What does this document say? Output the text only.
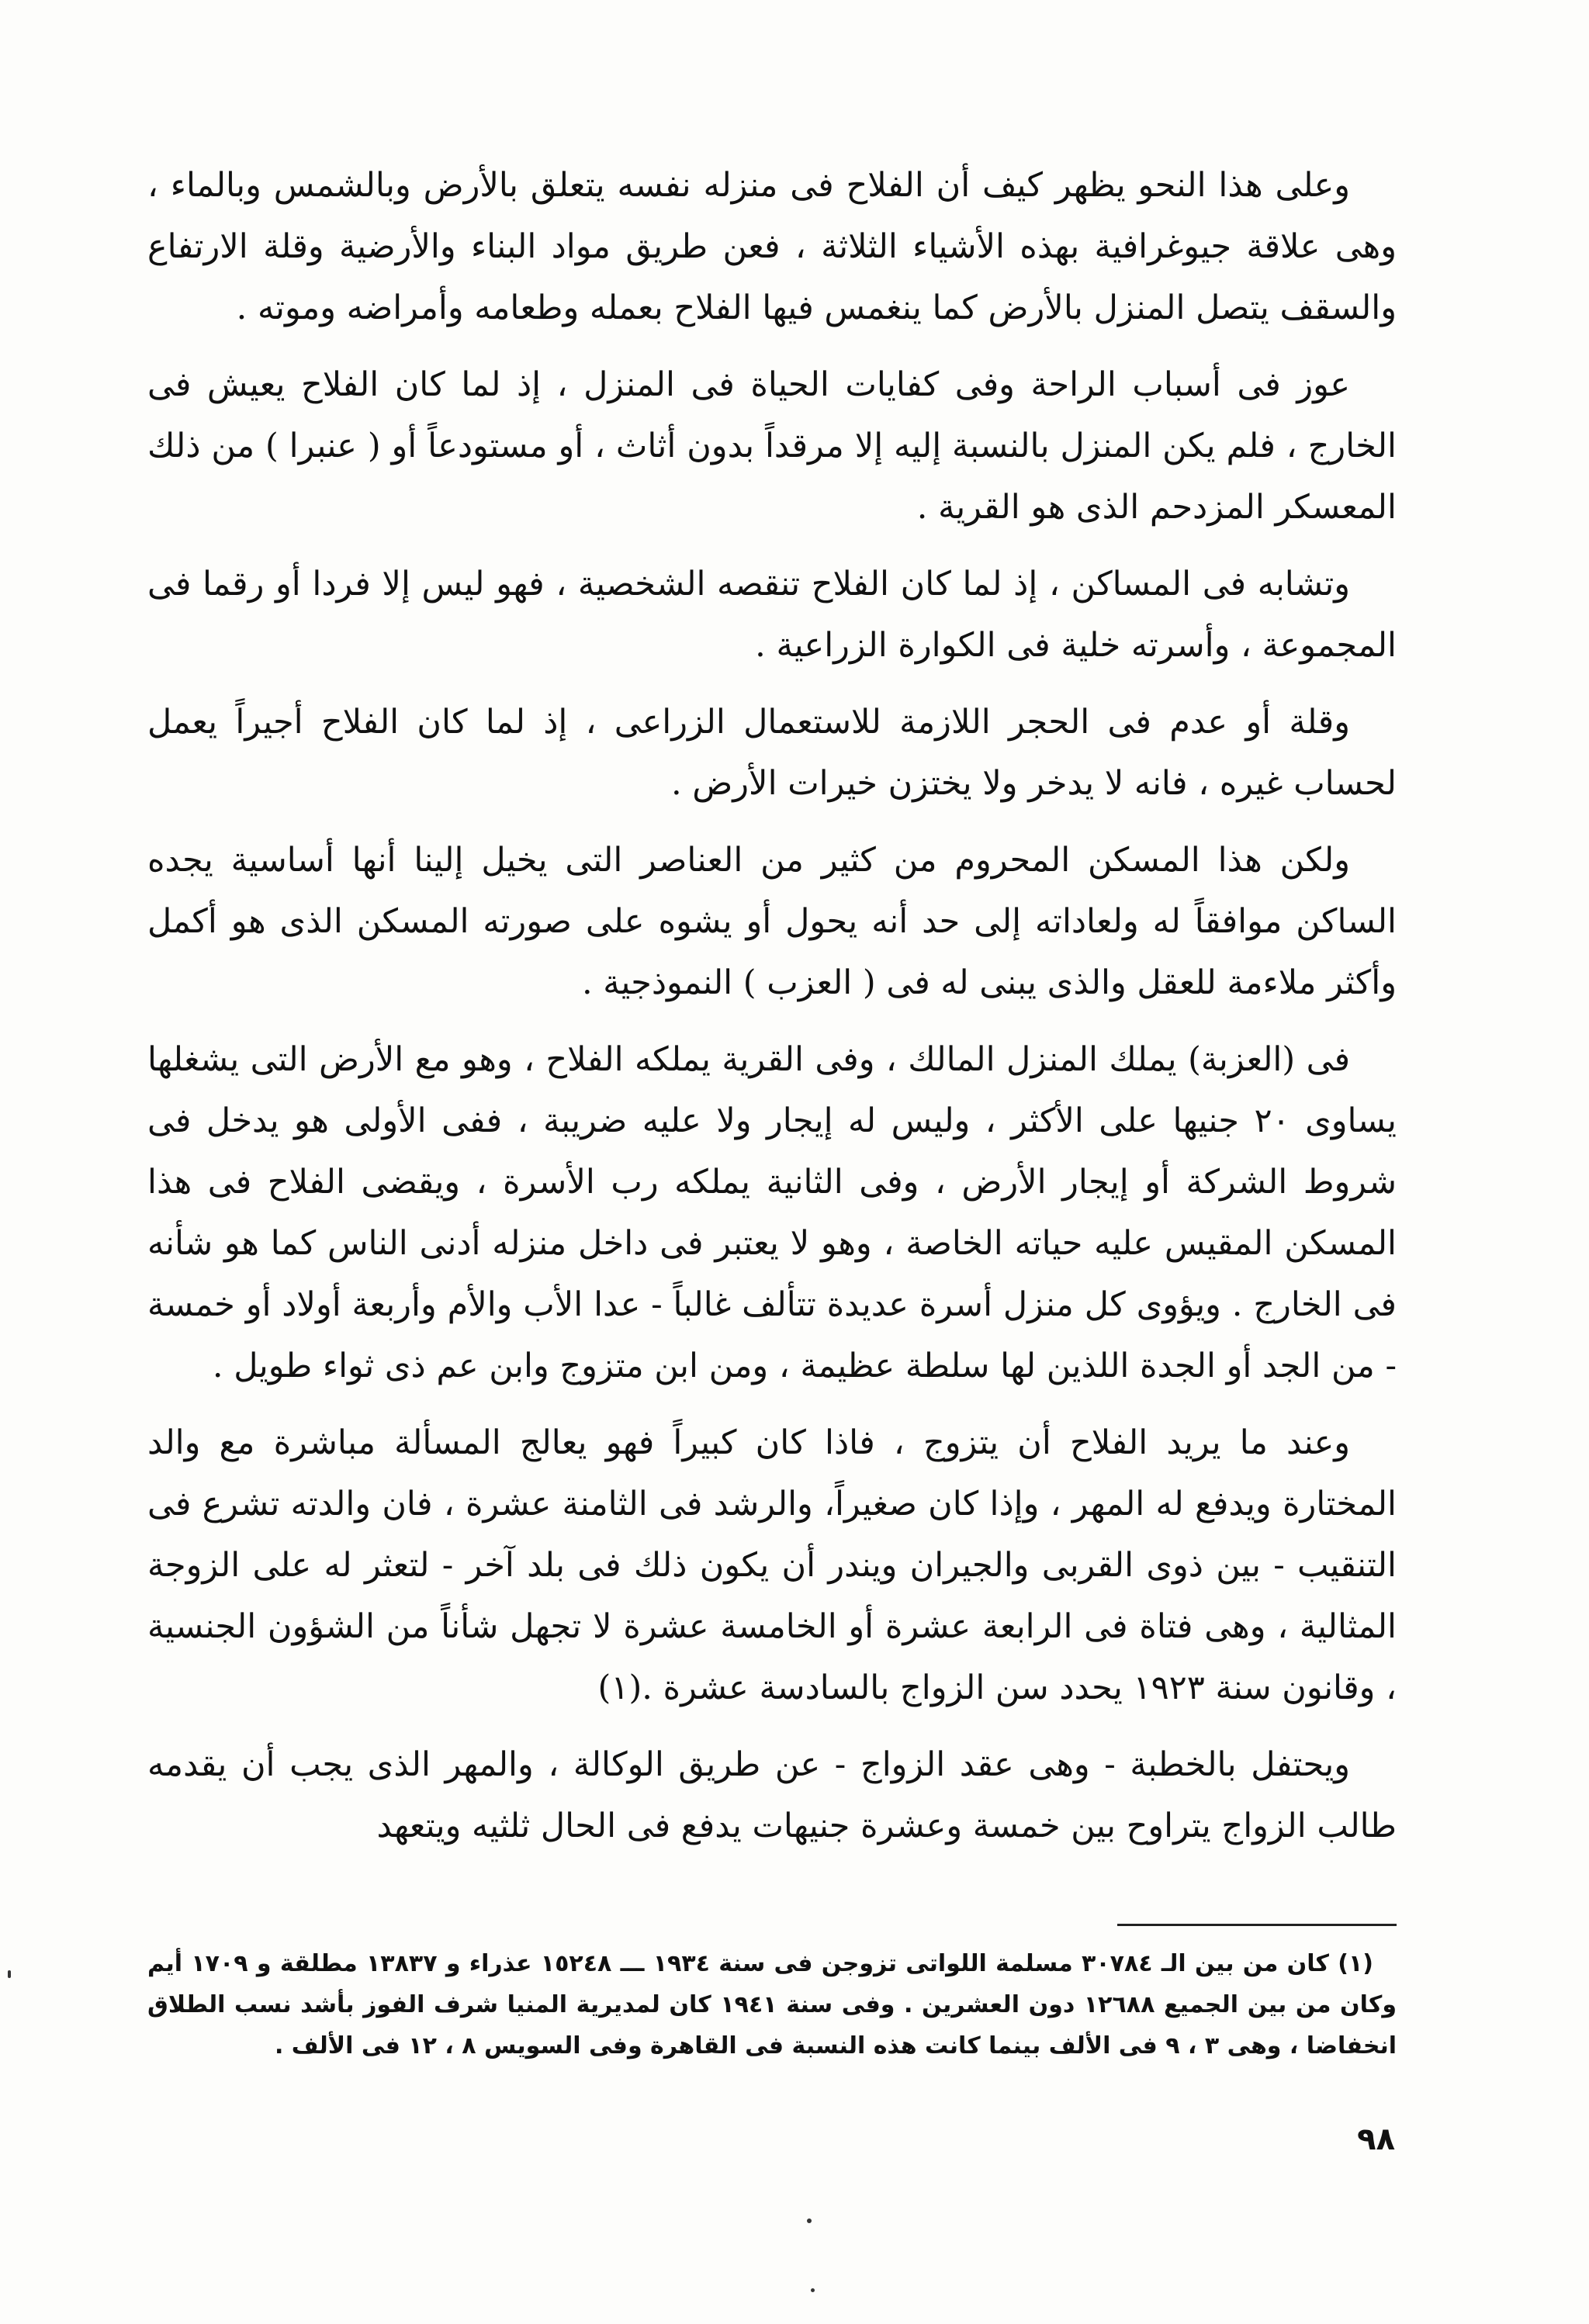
وعلى هذا النحو يظهر كيف أن الفلاح فى منزله نفسه يتعلق بالأرض وبالشمس وبالماء ، وهى علاقة جيوغرافية بهذه الأشياء الثلاثة ، فعن طريق مواد البناء والأرضية وقلة الارتفاع والسقف يتصل المنزل بالأرض كما ينغمس فيها الفلاح بعمله وطعامه وأمراضه وموته .

عوز فى أسباب الراحة وفى كفايات الحياة فى المنزل ، إذ لما كان الفلاح يعيش فى الخارج ، فلم يكن المنزل بالنسبة إليه إلا مرقداً بدون أثاث ، أو مستودعاً أو ( عنبرا ) من ذلك المعسكر المزدحم الذى هو القرية .

وتشابه فى المساكن ، إذ لما كان الفلاح تنقصه الشخصية ، فهو ليس إلا فردا أو رقما فى المجموعة ، وأسرته خلية فى الكوارة الزراعية .

وقلة أو عدم فى الحجر اللازمة للاستعمال الزراعى ، إذ لما كان الفلاح أجيراً يعمل لحساب غيره ، فانه لا يدخر ولا يختزن خيرات الأرض .

ولكن هذا المسكن المحروم من كثير من العناصر التى يخيل إلينا أنها أساسية يجده الساكن موافقاً له ولعاداته إلى حد أنه يحول أو يشوه على صورته المسكن الذى هو أكمل وأكثر ملاءمة للعقل والذى يبنى له فى ( العزب ) النموذجية .

فى (العزبة) يملك المنزل المالك ، وفى القرية يملكه الفلاح ، وهو مع الأرض التى يشغلها يساوى ٢٠ جنيها على الأكثر ، وليس له إيجار ولا عليه ضريبة ، ففى الأولى هو يدخل فى شروط الشركة أو إيجار الأرض ، وفى الثانية يملكه رب الأسرة ، ويقضى الفلاح فى هذا المسكن المقيس عليه حياته الخاصة ، وهو لا يعتبر فى داخل منزله أدنى الناس كما هو شأنه فى الخارج . ويؤوى كل منزل أسرة عديدة تتألف غالباً - عدا الأب والأم وأربعة أولاد أو خمسة - من الجد أو الجدة اللذين لها سلطة عظيمة ، ومن ابن متزوج وابن عم ذى ثواء طويل .

وعند ما يريد الفلاح أن يتزوج ، فاذا كان كبيراً فهو يعالج المسألة مباشرة مع والد المختارة ويدفع له المهر ، وإذا كان صغيراً، والرشد فى الثامنة عشرة ، فان والدته تشرع فى التنقيب - بين ذوى القربى والجيران ويندر أن يكون ذلك فى بلد آخر - لتعثر له على الزوجة المثالية ، وهى فتاة فى الرابعة عشرة أو الخامسة عشرة لا تجهل شأناً من الشؤون الجنسية ، وقانون سنة ١٩٢٣ يحدد سن الزواج بالسادسة عشرة .(١)

ويحتفل بالخطبة - وهى عقد الزواج - عن طريق الوكالة ، والمهر الذى يجب أن يقدمه طالب الزواج يتراوح بين خمسة وعشرة جنيهات يدفع فى الحال ثلثيه ويتعهد

(١) كان من بين الـ ٣٠٧٨٤ مسلمة اللواتى تزوجن فى سنة ١٩٣٤ ـــ ١٥٢٤٨ عذراء و ١٣٨٣٧ مطلقة و ١٧٠٩ أيم وكان من بين الجميع ١٢٦٨٨ دون العشرين . وفى سنة ١٩٤١ كان لمديرية المنيا شرف الفوز بأشد نسب الطلاق انخفاضا ، وهى ٣ ، ٩ فى الألف بينما كانت هذه النسبة فى القاهرة وفى السويس ٨ ، ١٢ فى الألف .

٩٨
